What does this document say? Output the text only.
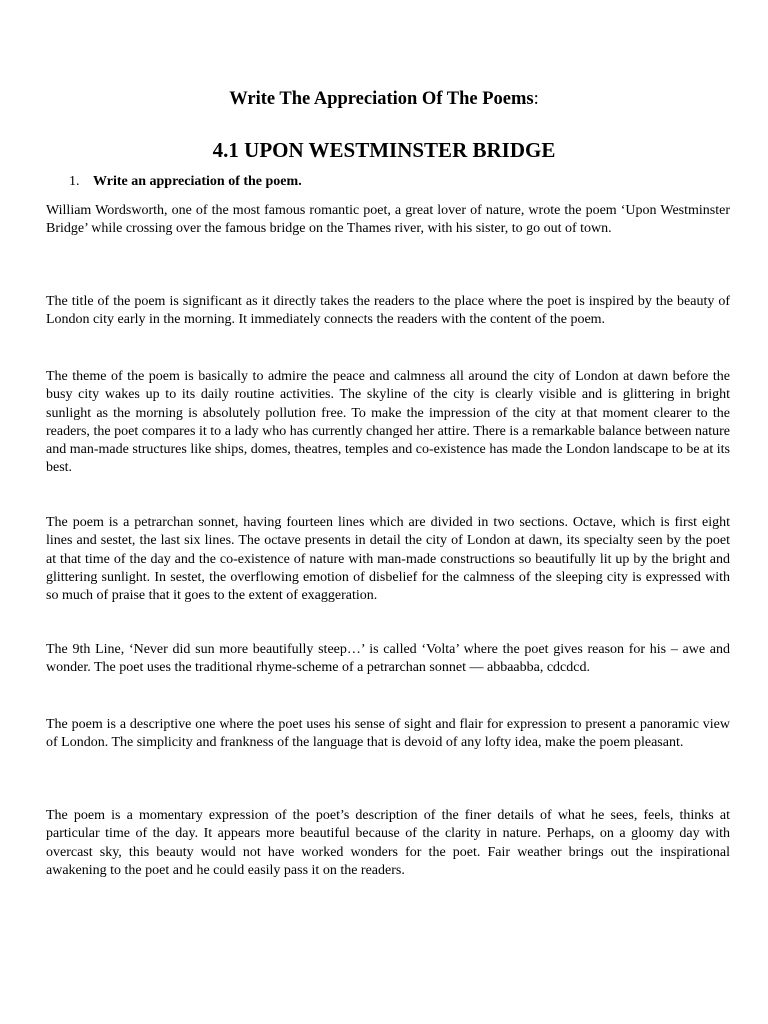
Write The Appreciation Of The Poems:
4.1 UPON WESTMINSTER BRIDGE
1. Write an appreciation of the poem.

William Wordsworth, one of the most famous romantic poet, a great lover of nature, wrote the poem ‘Upon Westminster Bridge’ while crossing over the famous bridge on the Thames river, with his sister, to go out of town.

The title of the poem is significant as it directly takes the readers to the place where the poet is inspired by the beauty of London city early in the morning. It immediately connects the readers with the content of the poem.

The theme of the poem is basically to admire the peace and calmness all around the city of London at dawn before the busy city wakes up to its daily routine activities. The skyline of the city is clearly visible and is glittering in bright sunlight as the morning is absolutely pollution free. To make the impression of the city at that moment clearer to the readers, the poet compares it to a lady who has currently changed her attire. There is a remarkable balance between nature and man-made structures like ships, domes, theatres, temples and co-existence has made the London landscape to be at its best.

The poem is a petrarchan sonnet, having fourteen lines which are divided in two sections. Octave, which is first eight lines and sestet, the last six lines. The octave presents in detail the city of London at dawn, its specialty seen by the poet at that time of the day and the co-existence of nature with man-made constructions so beautifully lit up by the bright and glittering sunlight. In sestet, the overflowing emotion of disbelief for the calmness of the sleeping city is expressed with so much of praise that it goes to the extent of exaggeration.

The 9th Line, ‘Never did sun more beautifully steep…’ is called ‘Volta’ where the poet gives reason for his – awe and wonder. The poet uses the traditional rhyme-scheme of a petrarchan sonnet — abbaabba, cdcdcd.

The poem is a descriptive one where the poet uses his sense of sight and flair for expression to present a panoramic view of London. The simplicity and frankness of the language that is devoid of any lofty idea, make the poem pleasant.

The poem is a momentary expression of the poet’s description of the finer details of what he sees, feels, thinks at particular time of the day. It appears more beautiful because of the clarity in nature. Perhaps, on a gloomy day with overcast sky, this beauty would not have worked wonders for the poet. Fair weather brings out the inspirational awakening to the poet and he could easily pass it on the readers.
